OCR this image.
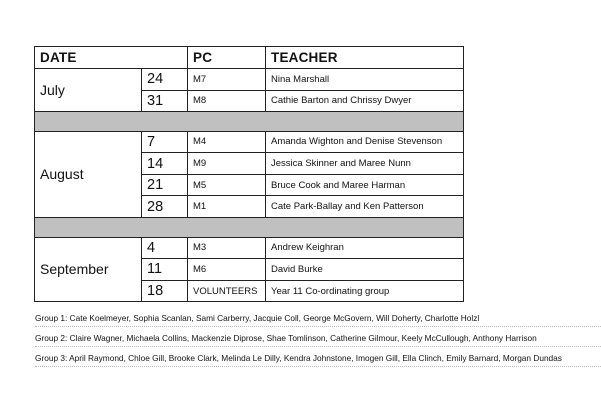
DATE		PC	TEACHER
July	24	M7	Nina Marshall
	31	M8	Cathie Barton and Chrissy Dwyer

August	7	M4	Amanda Wighton and Denise Stevenson
	14	M9	Jessica Skinner and Maree Nunn
	21	M5	Bruce Cook and Maree Harman
	28	M1	Cate Park-Ballay and Ken Patterson

September	4	M3	Andrew Keighran
	11	M6	David Burke
	18	VOLUNTEERS	Year 11 Co-ordinating group
Group 1: Cate Koelmeyer, Sophia Scanlan, Sami Carberry, Jacquie Coll, George McGovern, Will Doherty, Charlotte Holzl
Group 2: Claire Wagner, Michaela Collins, Mackenzie Diprose, Shae Tomlinson, Catherine Gilmour, Keely McCullough, Anthony Harrison
Group 3: April Raymond, Chloe Gill, Brooke Clark, Melinda Le Dilly, Kendra Johnstone, Imogen Gill, Ella Clinch, Emily Barnard, Morgan Dundas
